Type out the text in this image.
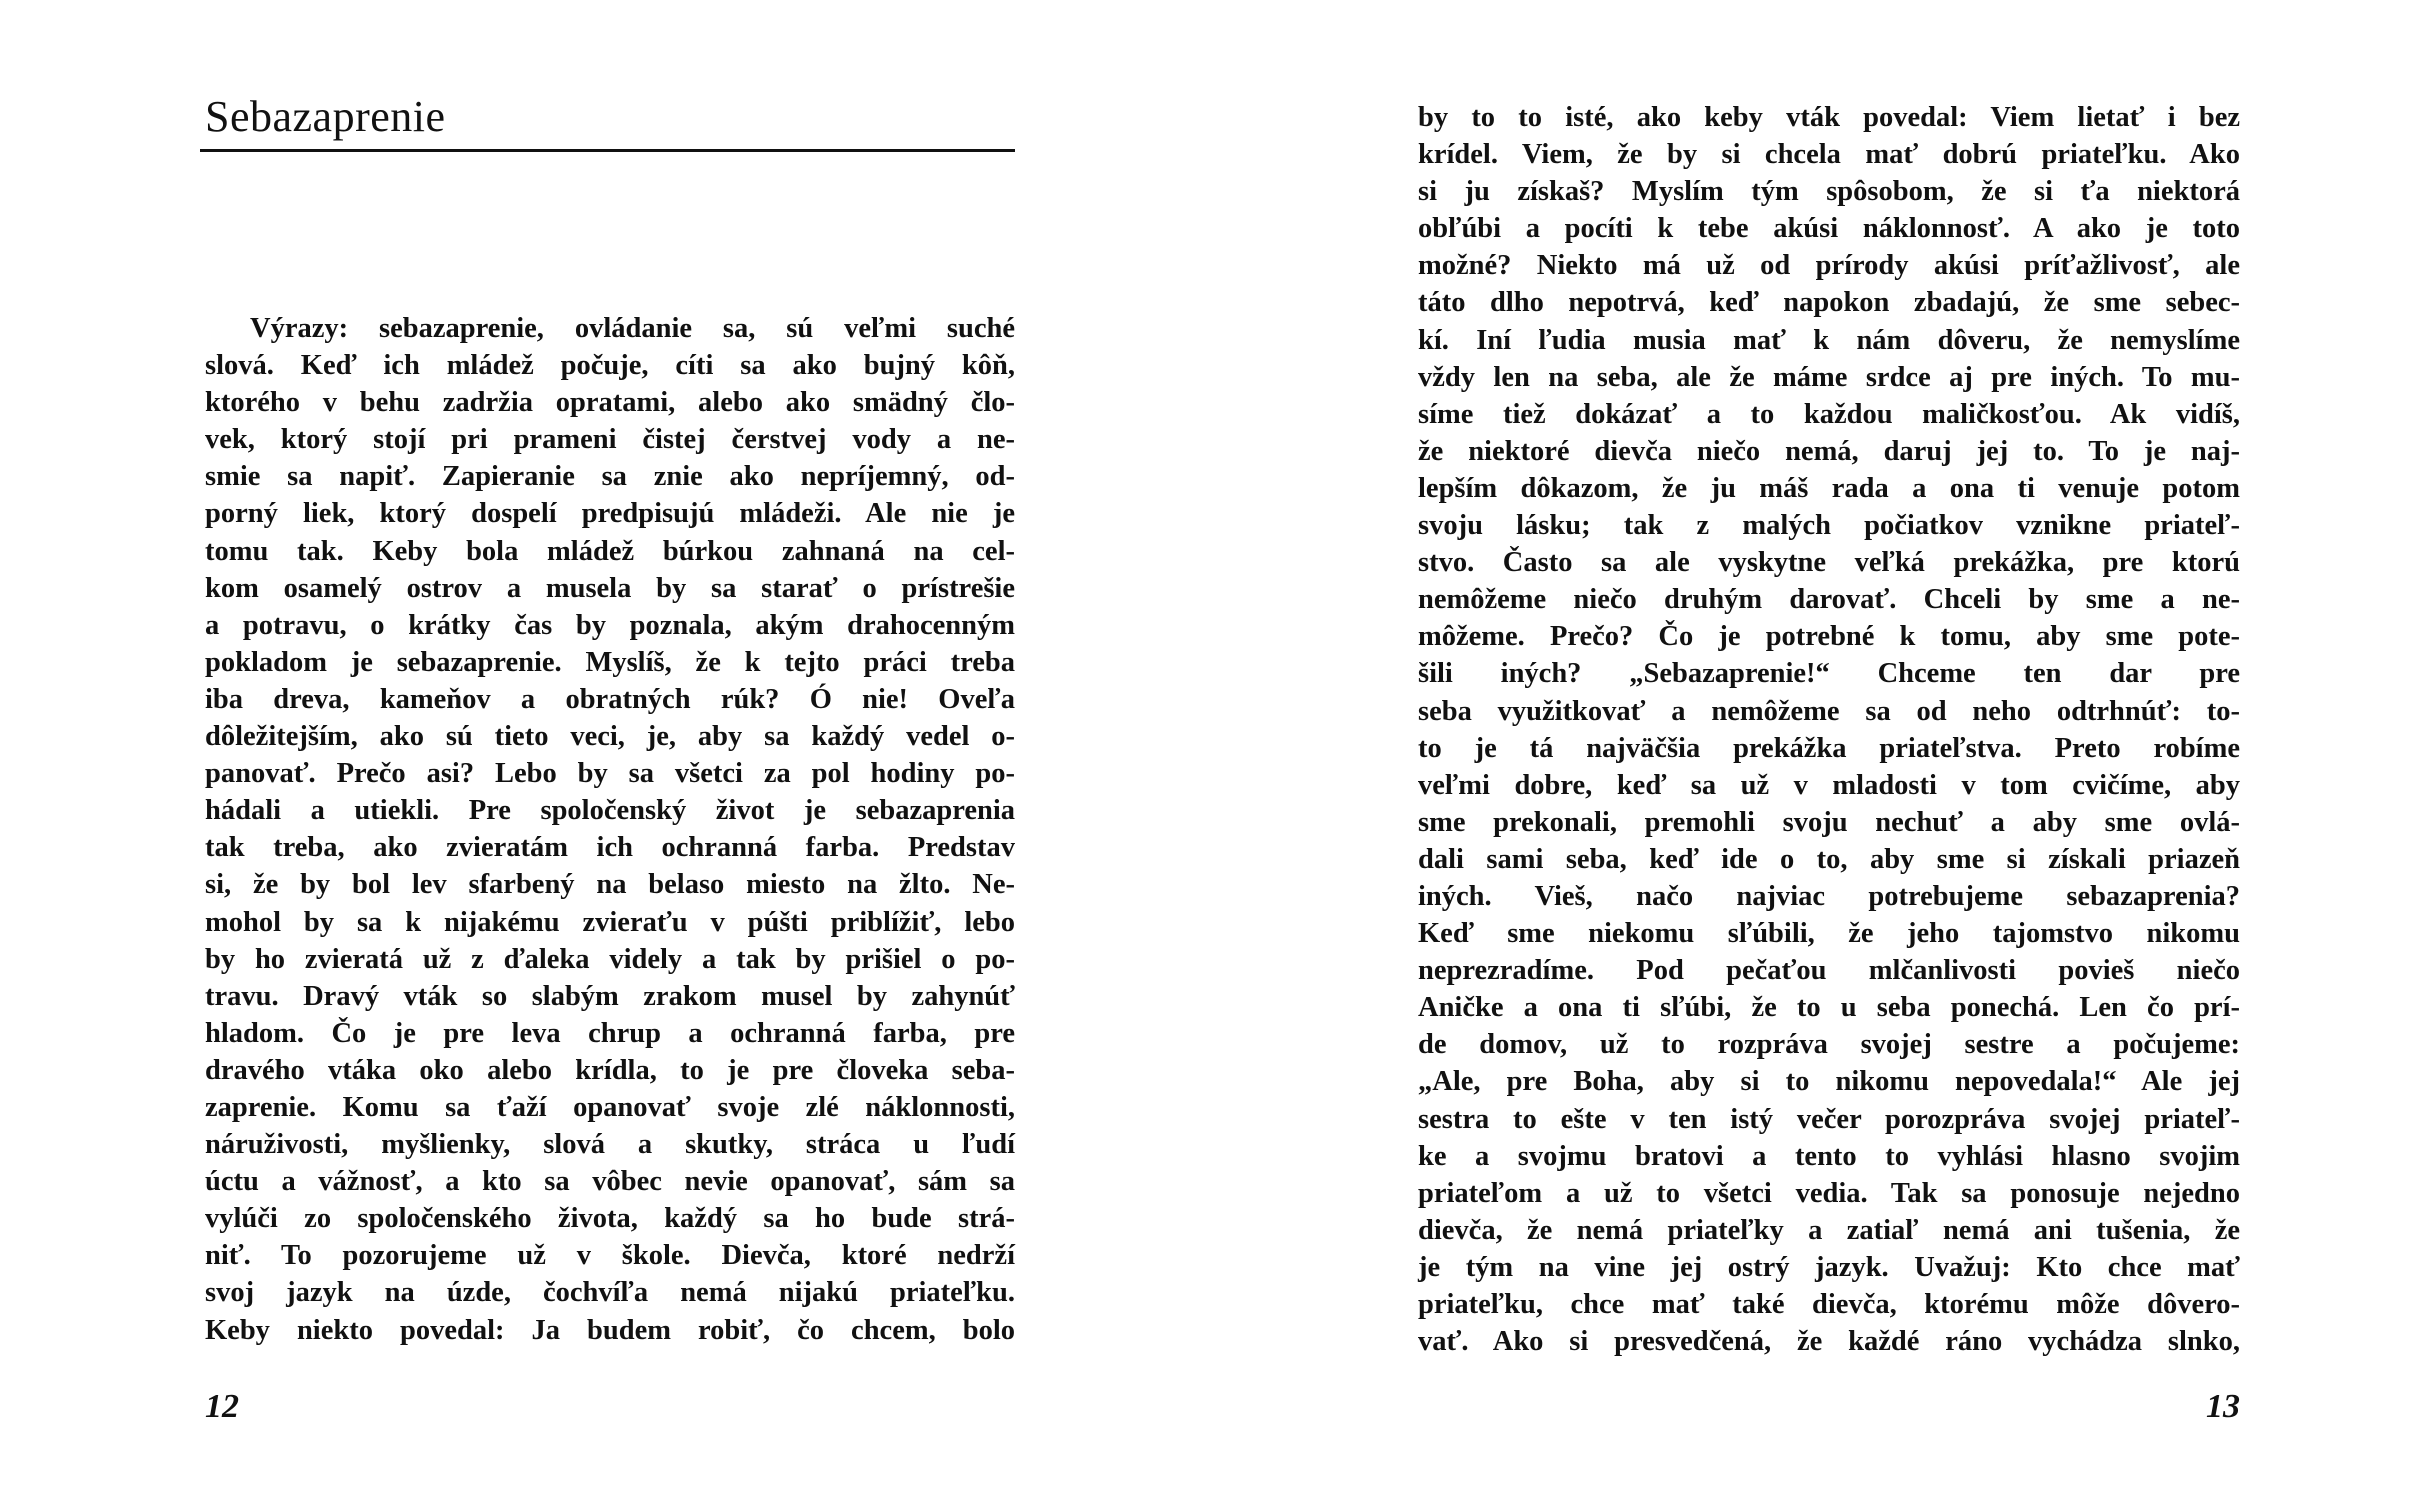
Sebazaprenie
Výrazy: sebazaprenie, ovládanie sa, sú veľmi suché
slová. Keď ich mládež počuje, cíti sa ako bujný kôň,
ktorého v behu zadržia opratami, alebo ako smädný člo-
vek, ktorý stojí pri prameni čistej čerstvej vody a ne-
smie sa napiť. Zapieranie sa znie ako nepríjemný, od-
porný liek, ktorý dospelí predpisujú mládeži. Ale nie je
tomu tak. Keby bola mládež búrkou zahnaná na cel-
kom osamelý ostrov a musela by sa starať o prístrešie
a potravu, o krátky čas by poznala, akým drahocenným
pokladom je sebazaprenie. Myslíš, že k tejto práci treba
iba dreva, kameňov a obratných rúk? Ó nie! Oveľa
dôležitejším, ako sú tieto veci, je, aby sa každý vedel o-
panovať. Prečo asi? Lebo by sa všetci za pol hodiny po-
hádali a utiekli. Pre spoločenský život je sebazaprenia
tak treba, ako zvieratám ich ochranná farba. Predstav
si, že by bol lev sfarbený na belaso miesto na žlto. Ne-
mohol by sa k nijakému zvieraťu v púšti priblížiť, lebo
by ho zvieratá už z ďaleka videly a tak by prišiel o po-
travu. Dravý vták so slabým zrakom musel by zahynúť
hladom. Čo je pre leva chrup a ochranná farba, pre
dravého vtáka oko alebo krídla, to je pre človeka seba-
zaprenie. Komu sa ťaží opanovať svoje zlé náklonnosti,
náruživosti, myšlienky, slová a skutky, stráca u ľudí
úctu a vážnosť, a kto sa vôbec nevie opanovať, sám sa
vylúči zo spoločenského života, každý sa ho bude strá-
niť. To pozorujeme už v škole. Dievča, ktoré nedrží
svoj jazyk na úzde, čochvíľa nemá nijakú priateľku.
Keby niekto povedal: Ja budem robiť, čo chcem, bolo
12
by to to isté, ako keby vták povedal: Viem lietať i bez
krídel. Viem, že by si chcela mať dobrú priateľku. Ako
si ju získaš? Myslím tým spôsobom, že si ťa niektorá
obľúbi a pocíti k tebe akúsi náklonnosť. A ako je toto
možné? Niekto má už od prírody akúsi príťažlivosť, ale
táto dlho nepotrvá, keď napokon zbadajú, že sme sebec-
kí. Iní ľudia musia mať k nám dôveru, že nemyslíme
vždy len na seba, ale že máme srdce aj pre iných. To mu-
síme tiež dokázať a to každou maličkosťou. Ak vidíš,
že niektoré dievča niečo nemá, daruj jej to. To je naj-
lepším dôkazom, že ju máš rada a ona ti venuje potom
svoju lásku; tak z malých počiatkov vznikne priateľ-
stvo. Často sa ale vyskytne veľká prekážka, pre ktorú
nemôžeme niečo druhým darovať. Chceli by sme a ne-
môžeme. Prečo? Čo je potrebné k tomu, aby sme pote-
šili iných? „Sebazaprenie!“ Chceme ten dar pre
seba využitkovať a nemôžeme sa od neho odtrhnúť: to-
to je tá najväčšia prekážka priateľstva. Preto robíme
veľmi dobre, keď sa už v mladosti v tom cvičíme, aby
sme prekonali, premohli svoju nechuť a aby sme ovlá-
dali sami seba, keď ide o to, aby sme si získali priazeň
iných. Vieš, načo najviac potrebujeme sebazaprenia?
Keď sme niekomu sľúbili, že jeho tajomstvo nikomu
neprezradíme. Pod pečaťou mlčanlivosti povieš niečo
Aničke a ona ti sľúbi, že to u seba ponechá. Len čo prí-
de domov, už to rozpráva svojej sestre a počujeme:
„Ale, pre Boha, aby si to nikomu nepovedala!“ Ale jej
sestra to ešte v ten istý večer porozpráva svojej priateľ-
ke a svojmu bratovi a tento to vyhlási hlasno svojim
priateľom a už to všetci vedia. Tak sa ponosuje nejedno
dievča, že nemá priateľky a zatiaľ nemá ani tušenia, že
je tým na vine jej ostrý jazyk. Uvažuj: Kto chce mať
priateľku, chce mať také dievča, ktorému môže dôvero-
vať. Ako si presvedčená, že každé ráno vychádza slnko,
13
